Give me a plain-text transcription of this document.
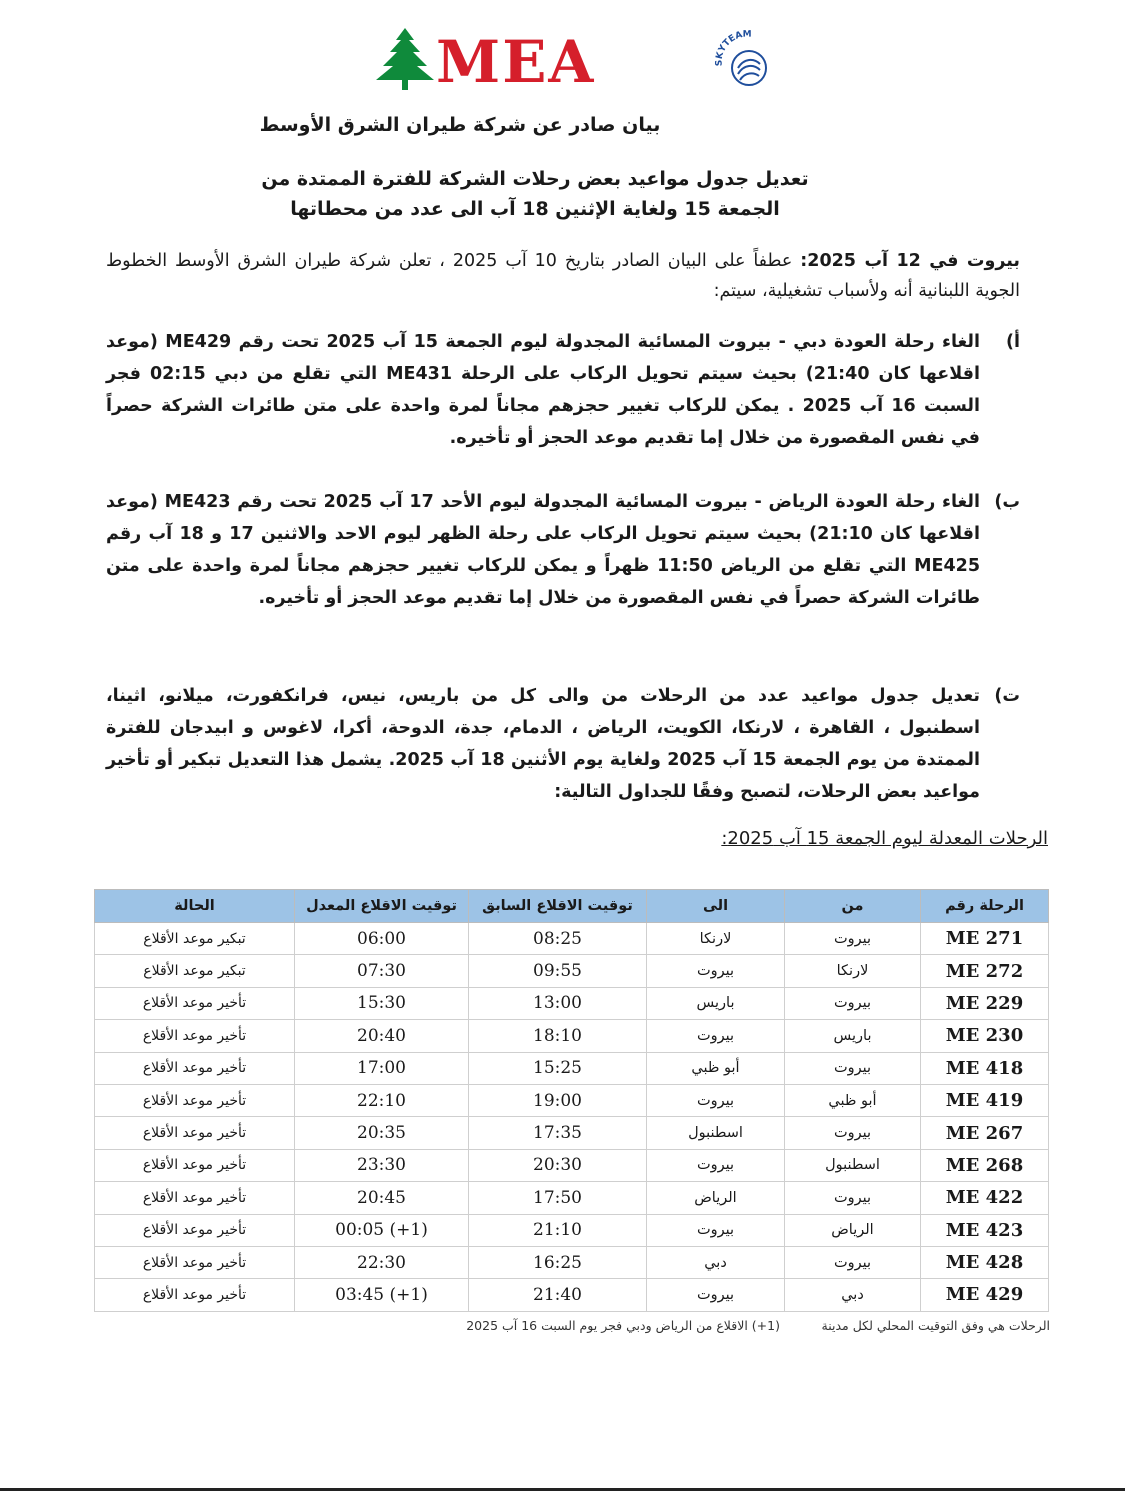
MEA	SKYTEAM
بيان صادر عن شركة طيران الشرق الأوسط
تعديل جدول مواعيد بعض رحلات الشركة للفترة الممتدة من
الجمعة 15 ولغاية الإثنين 18 آب الى عدد من محطاتها
بيروت في 12 آب 2025: عطفاً على البيان الصادر بتاريخ 10 آب 2025 ، تعلن شركة طيران الشرق الأوسط الخطوط الجوية اللبنانية أنه ولأسباب تشغيلية، سيتم:
أ)
الغاء رحلة العودة دبي - بيروت المسائية المجدولة ليوم الجمعة 15 آب 2025 تحت رقم ME429 (موعد اقلاعها كان 21:40) بحيث سيتم تحويل الركاب على الرحلة ME431 التي تقلع من دبي 02:15 فجر السبت 16 آب 2025 . يمكن للركاب تغيير حجزهم مجاناً لمرة واحدة على متن طائرات الشركة حصراً في نفس المقصورة من خلال إما تقديم موعد الحجز أو تأخيره.
ب)
الغاء رحلة العودة الرياض - بيروت المسائية المجدولة ليوم الأحد 17 آب 2025 تحت رقم ME423 (موعد اقلاعها كان 21:10) بحيث سيتم تحويل الركاب على رحلة الظهر ليوم الاحد والاثنين 17 و 18 آب رقم ME425 التي تقلع من الرياض 11:50 ظهراً و يمكن للركاب تغيير حجزهم مجاناً لمرة واحدة على متن طائرات الشركة حصراً في نفس المقصورة من خلال إما تقديم موعد الحجز أو تأخيره.
ت)
تعديل جدول مواعيد عدد من الرحلات من والى كل من باريس، نيس، فرانكفورت، ميلانو، اثينا، اسطنبول ، القاهرة ، لارنكا، الكويت، الرياض ، الدمام، جدة، الدوحة، أكرا، لاغوس و ابيدجان للفترة الممتدة من يوم الجمعة 15 آب 2025 ولغاية يوم الأثنين 18 آب 2025. يشمل هذا التعديل تبكير أو تأخير مواعيد بعض الرحلات، لتصبح وفقًا للجداول التالية:
الرحلات المعدلة ليوم الجمعة 15 آب 2025:
الرحلة رقم	من	الى	توقيت الاقلاع السابق	توقيت الاقلاع المعدل	الحالة
ME 271	بيروت	لارنكا	08:25	06:00	تبكير موعد الأقلاع
ME 272	لارنكا	بيروت	09:55	07:30	تبكير موعد الأقلاع
ME 229	بيروت	باريس	13:00	15:30	تأخير موعد الأقلاع
ME 230	باريس	بيروت	18:10	20:40	تأخير موعد الأقلاع
ME 418	بيروت	أبو ظبي	15:25	17:00	تأخير موعد الأقلاع
ME 419	أبو ظبي	بيروت	19:00	22:10	تأخير موعد الأقلاع
ME 267	بيروت	اسطنبول	17:35	20:35	تأخير موعد الأقلاع
ME 268	اسطنبول	بيروت	20:30	23:30	تأخير موعد الأقلاع
ME 422	بيروت	الرياض	17:50	20:45	تأخير موعد الأقلاع
ME 423	الرياض	بيروت	21:10	(1+) 00:05	تأخير موعد الأقلاع
ME 428	بيروت	دبي	16:25	22:30	تأخير موعد الأقلاع
ME 429	دبي	بيروت	21:40	(1+) 03:45	تأخير موعد الأقلاع
الرحلات هي وفق التوقيت المحلي لكل مدينة
(1+) الاقلاع من الرياض ودبي فجر يوم السبت 16 آب 2025
